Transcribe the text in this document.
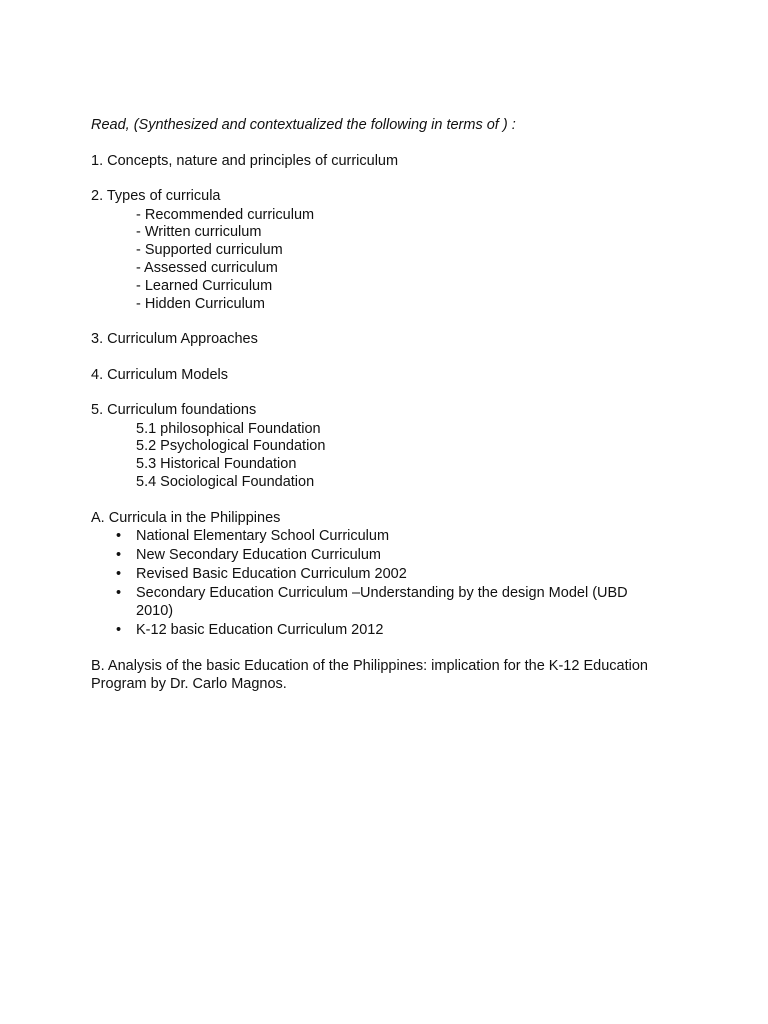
Read, (Synthesized and contextualized the following in terms of ) :
1. Concepts, nature and principles of curriculum
2. Types of curricula
- Recommended curriculum
- Written curriculum
- Supported curriculum
- Assessed curriculum
- Learned Curriculum
- Hidden Curriculum
3. Curriculum Approaches
4. Curriculum Models
5. Curriculum foundations
5.1 philosophical Foundation
5.2 Psychological Foundation
5.3 Historical Foundation
5.4 Sociological Foundation
A. Curricula in the Philippines
• National Elementary School Curriculum
• New Secondary Education Curriculum
• Revised Basic Education Curriculum 2002
• Secondary Education Curriculum –Understanding by the design Model (UBD
2010)
• K-12 basic Education Curriculum 2012
B. Analysis of the basic Education of the Philippines: implication for the K-12 Education
Program by Dr. Carlo Magnos.
